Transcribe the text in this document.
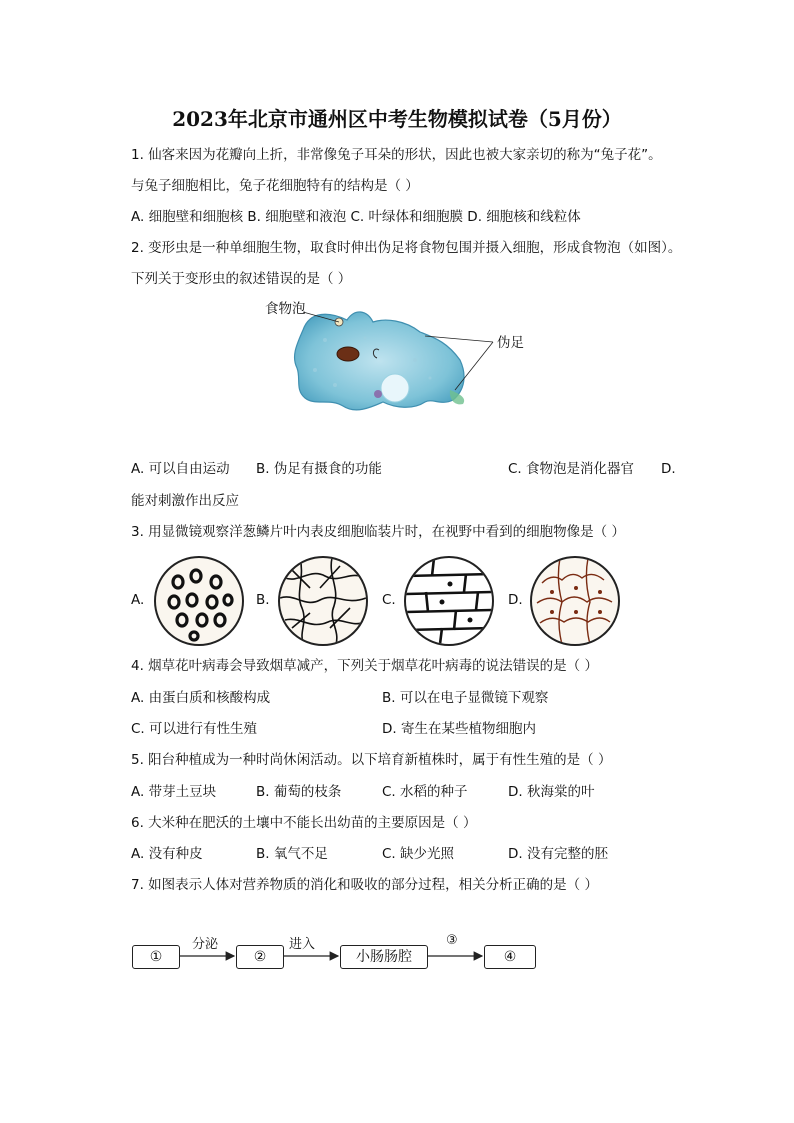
2023年北京市通州区中考生物模拟试卷（5月份）
1. 仙客来因为花瓣向上折，非常像兔子耳朵的形状，因此也被大家亲切的称为“兔子花”。
与兔子细胞相比，兔子花细胞特有的结构是（ ）
A. 细胞壁和细胞核 B. 细胞壁和液泡 C. 叶绿体和细胞膜 D. 细胞核和线粒体
2. 变形虫是一种单细胞生物，取食时伸出伪足将食物包围并摄入细胞，形成食物泡（如图）。
下列关于变形虫的叙述错误的是（ ）
食物泡
伪足
A. 可以自由运动 B. 伪足有摄食的功能	C. 食物泡是消化器官 D.
能对刺激作出反应
3. 用显微镜观察洋葱鳞片叶内表皮细胞临装片时，在视野中看到的细胞物像是（ ）
A.	B.	C.	D.
4. 烟草花叶病毒会导致烟草减产，下列关于烟草花叶病毒的说法错误的是（ ）
A. 由蛋白质和核酸构成	B. 可以在电子显微镜下观察
C. 可以进行有性生殖	D. 寄生在某些植物细胞内
5. 阳台种植成为一种时尚休闲活动。以下培育新植株时，属于有性生殖的是（ ）
A. 带芽土豆块	B. 葡萄的枝条	C. 水稻的种子	D. 秋海棠的叶
6. 大米种在肥沃的土壤中不能长出幼苗的主要原因是（ ）
A. 没有种皮	B. 氧气不足	C. 缺少光照	D. 没有完整的胚
7. 如图表示人体对营养物质的消化和吸收的部分过程，相关分析正确的是（ ）
①	②	小肠肠腔	④
分泌	进入	③
